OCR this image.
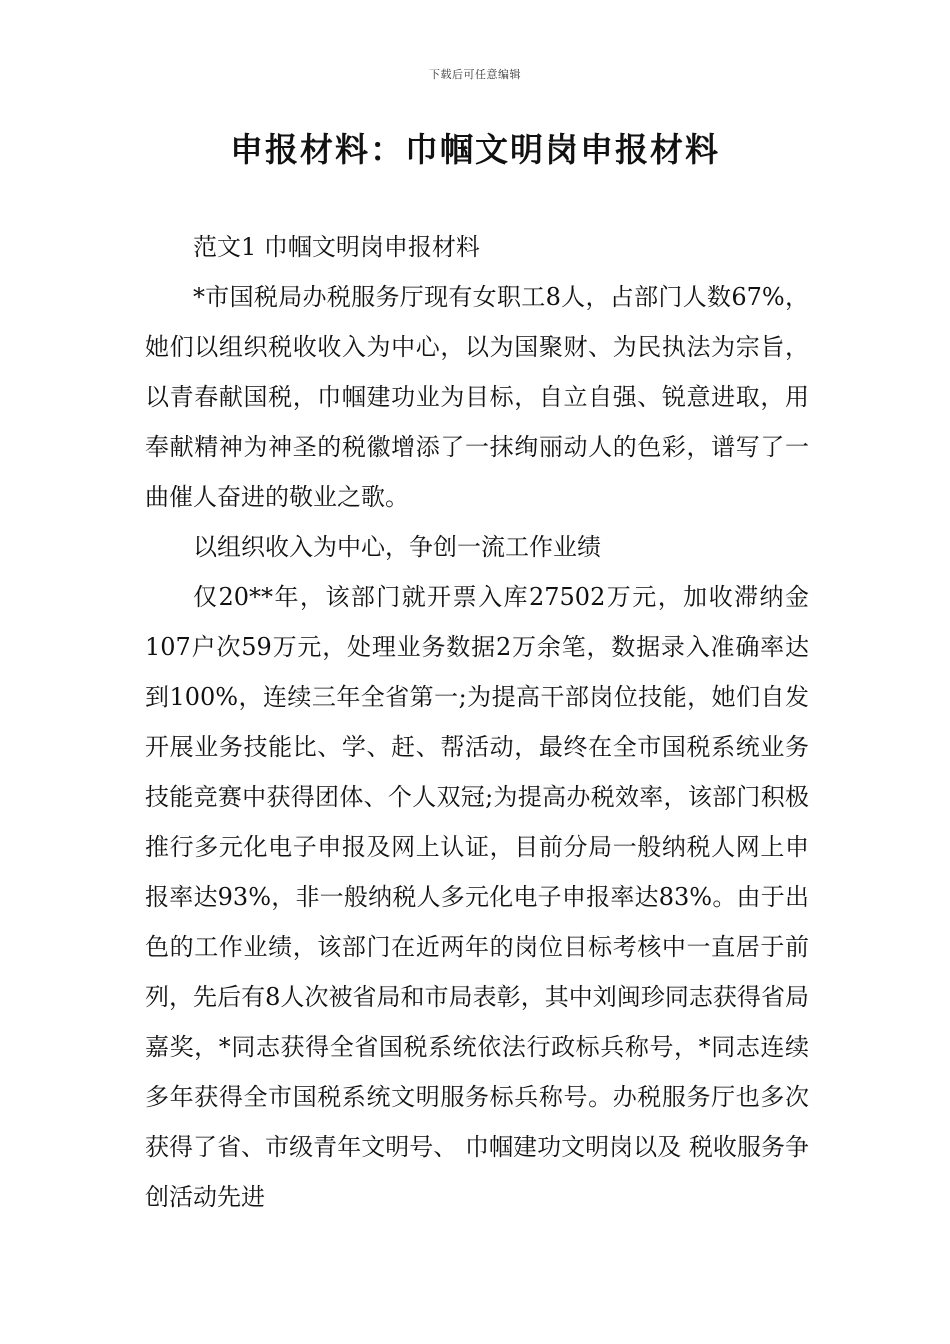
下载后可任意编辑
申报材料：巾帼文明岗申报材料

范文1 巾帼文明岗申报材料

*市国税局办税服务厅现有女职工8人，占部门人数67%，她们以组织税收收入为中心，以为国聚财、为民执法为宗旨，以青春献国税，巾帼建功业为目标，自立自强、锐意进取，用奉献精神为神圣的税徽增添了一抹绚丽动人的色彩，谱写了一曲催人奋进的敬业之歌。

以组织收入为中心，争创一流工作业绩

仅20**年，该部门就开票入库27502万元，加收滞纳金107户次59万元，处理业务数据2万余笔，数据录入准确率达到100%，连续三年全省第一;为提高干部岗位技能，她们自发开展业务技能比、学、赶、帮活动，最终在全市国税系统业务技能竞赛中获得团体、个人双冠;为提高办税效率，该部门积极推行多元化电子申报及网上认证，目前分局一般纳税人网上申报率达93%，非一般纳税人多元化电子申报率达83%。由于出色的工作业绩，该部门在近两年的岗位目标考核中一直居于前列，先后有8人次被省局和市局表彰，其中刘闽珍同志获得省局嘉奖，*同志获得全省国税系统依法行政标兵称号，*同志连续多年获得全市国税系统文明服务标兵称号。办税服务厅也多次获得了省、市级青年文明号、 巾帼建功文明岗以及 税收服务争创活动先进
